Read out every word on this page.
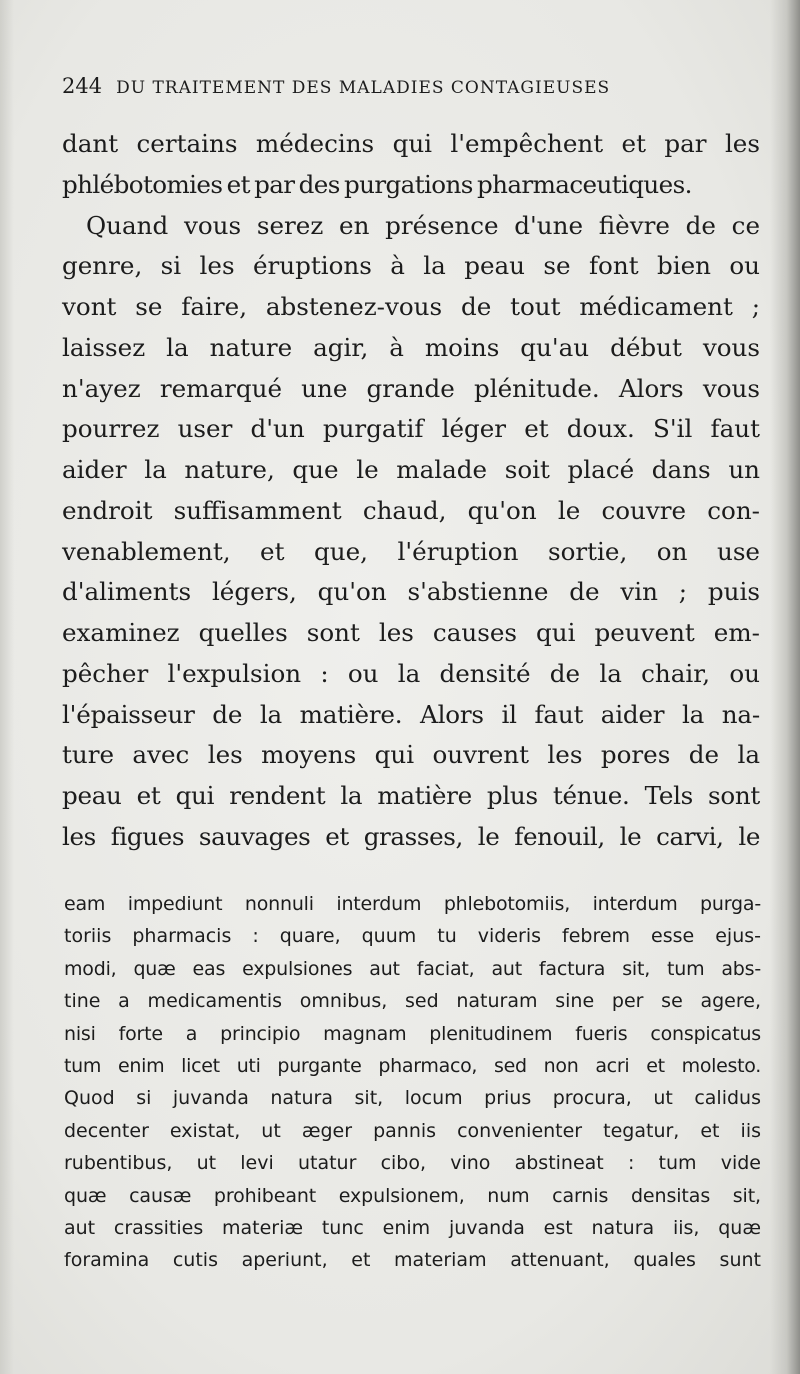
244 DU TRAITEMENT DES MALADIES CONTAGIEUSES
dant certains médecins qui l'empêchent et par les
phlébotomies et par des purgations pharmaceutiques.
Quand vous serez en présence d'une fièvre de ce
genre, si les éruptions à la peau se font bien ou
vont se faire, abstenez-vous de tout médicament ;
laissez la nature agir, à moins qu'au début vous
n'ayez remarqué une grande plénitude. Alors vous
pourrez user d'un purgatif léger et doux. S'il faut
aider la nature, que le malade soit placé dans un
endroit suffisamment chaud, qu'on le couvre con-
venablement, et que, l'éruption sortie, on use
d'aliments légers, qu'on s'abstienne de vin ; puis
examinez quelles sont les causes qui peuvent em-
pêcher l'expulsion : ou la densité de la chair, ou
l'épaisseur de la matière. Alors il faut aider la na-
ture avec les moyens qui ouvrent les pores de la
peau et qui rendent la matière plus ténue. Tels sont
les figues sauvages et grasses, le fenouil, le carvi, le
eam impediunt nonnuli interdum phlebotomiis, interdum purga-
toriis pharmacis : quare, quum tu videris febrem esse ejus-
modi, quæ eas expulsiones aut faciat, aut factura sit, tum abs-
tine a medicamentis omnibus, sed naturam sine per se agere,
nisi forte a principio magnam plenitudinem fueris conspicatus
tum enim licet uti purgante pharmaco, sed non acri et molesto.
Quod si juvanda natura sit, locum prius procura, ut calidus
decenter existat, ut æger pannis convenienter tegatur, et iis
rubentibus, ut levi utatur cibo, vino abstineat : tum vide
quæ causæ prohibeant expulsionem, num carnis densitas sit,
aut crassities materiæ tunc enim juvanda est natura iis, quæ
foramina cutis aperiunt, et materiam attenuant, quales sunt
